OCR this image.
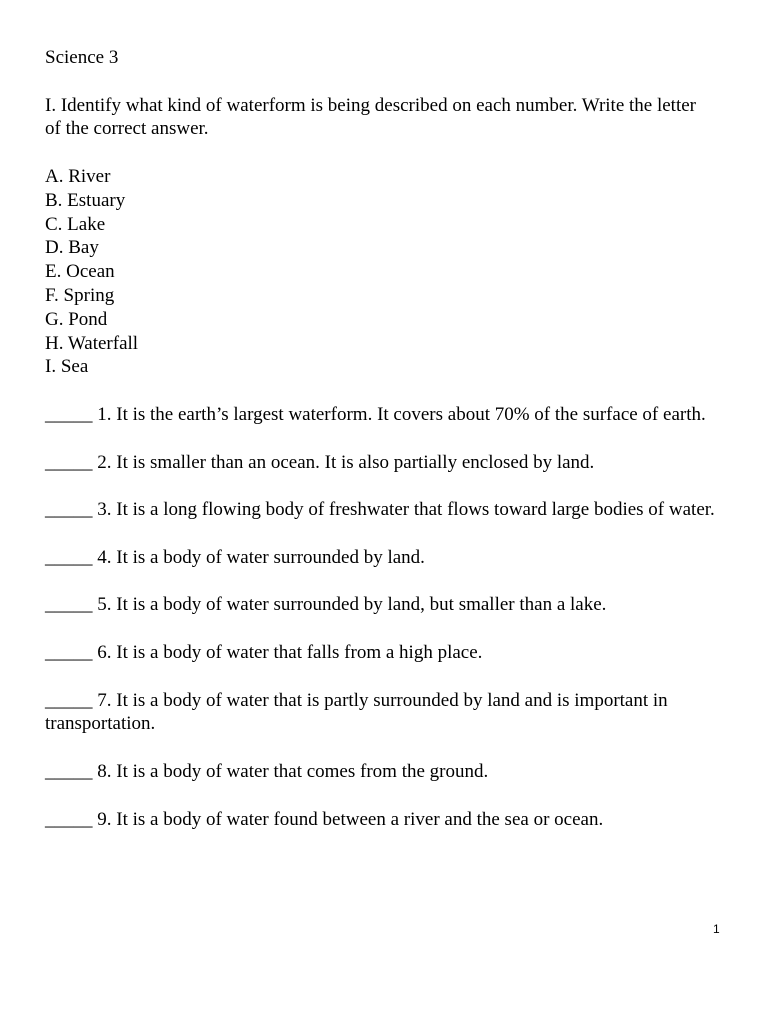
Science 3

I. Identify what kind of waterform is being described on each number. Write the letter of the correct answer.

A. River

B. Estuary

C. Lake

D. Bay

E. Ocean

F. Spring

G. Pond

H. Waterfall

I. Sea

_____ 1. It is the earth’s largest waterform. It covers about 70% of the surface of earth.

_____ 2. It is smaller than an ocean. It is also partially enclosed by land.

_____ 3. It is a long flowing body of freshwater that flows toward large bodies of water.

_____ 4. It is a body of water surrounded by land.

_____ 5. It is a body of water surrounded by land, but smaller than a lake.

_____ 6. It is a body of water that falls from a high place.

_____ 7. It is a body of water that is partly surrounded by land and is important in transportation.

_____ 8. It is a body of water that comes from the ground.

_____ 9. It is a body of water found between a river and the sea or ocean.

1
